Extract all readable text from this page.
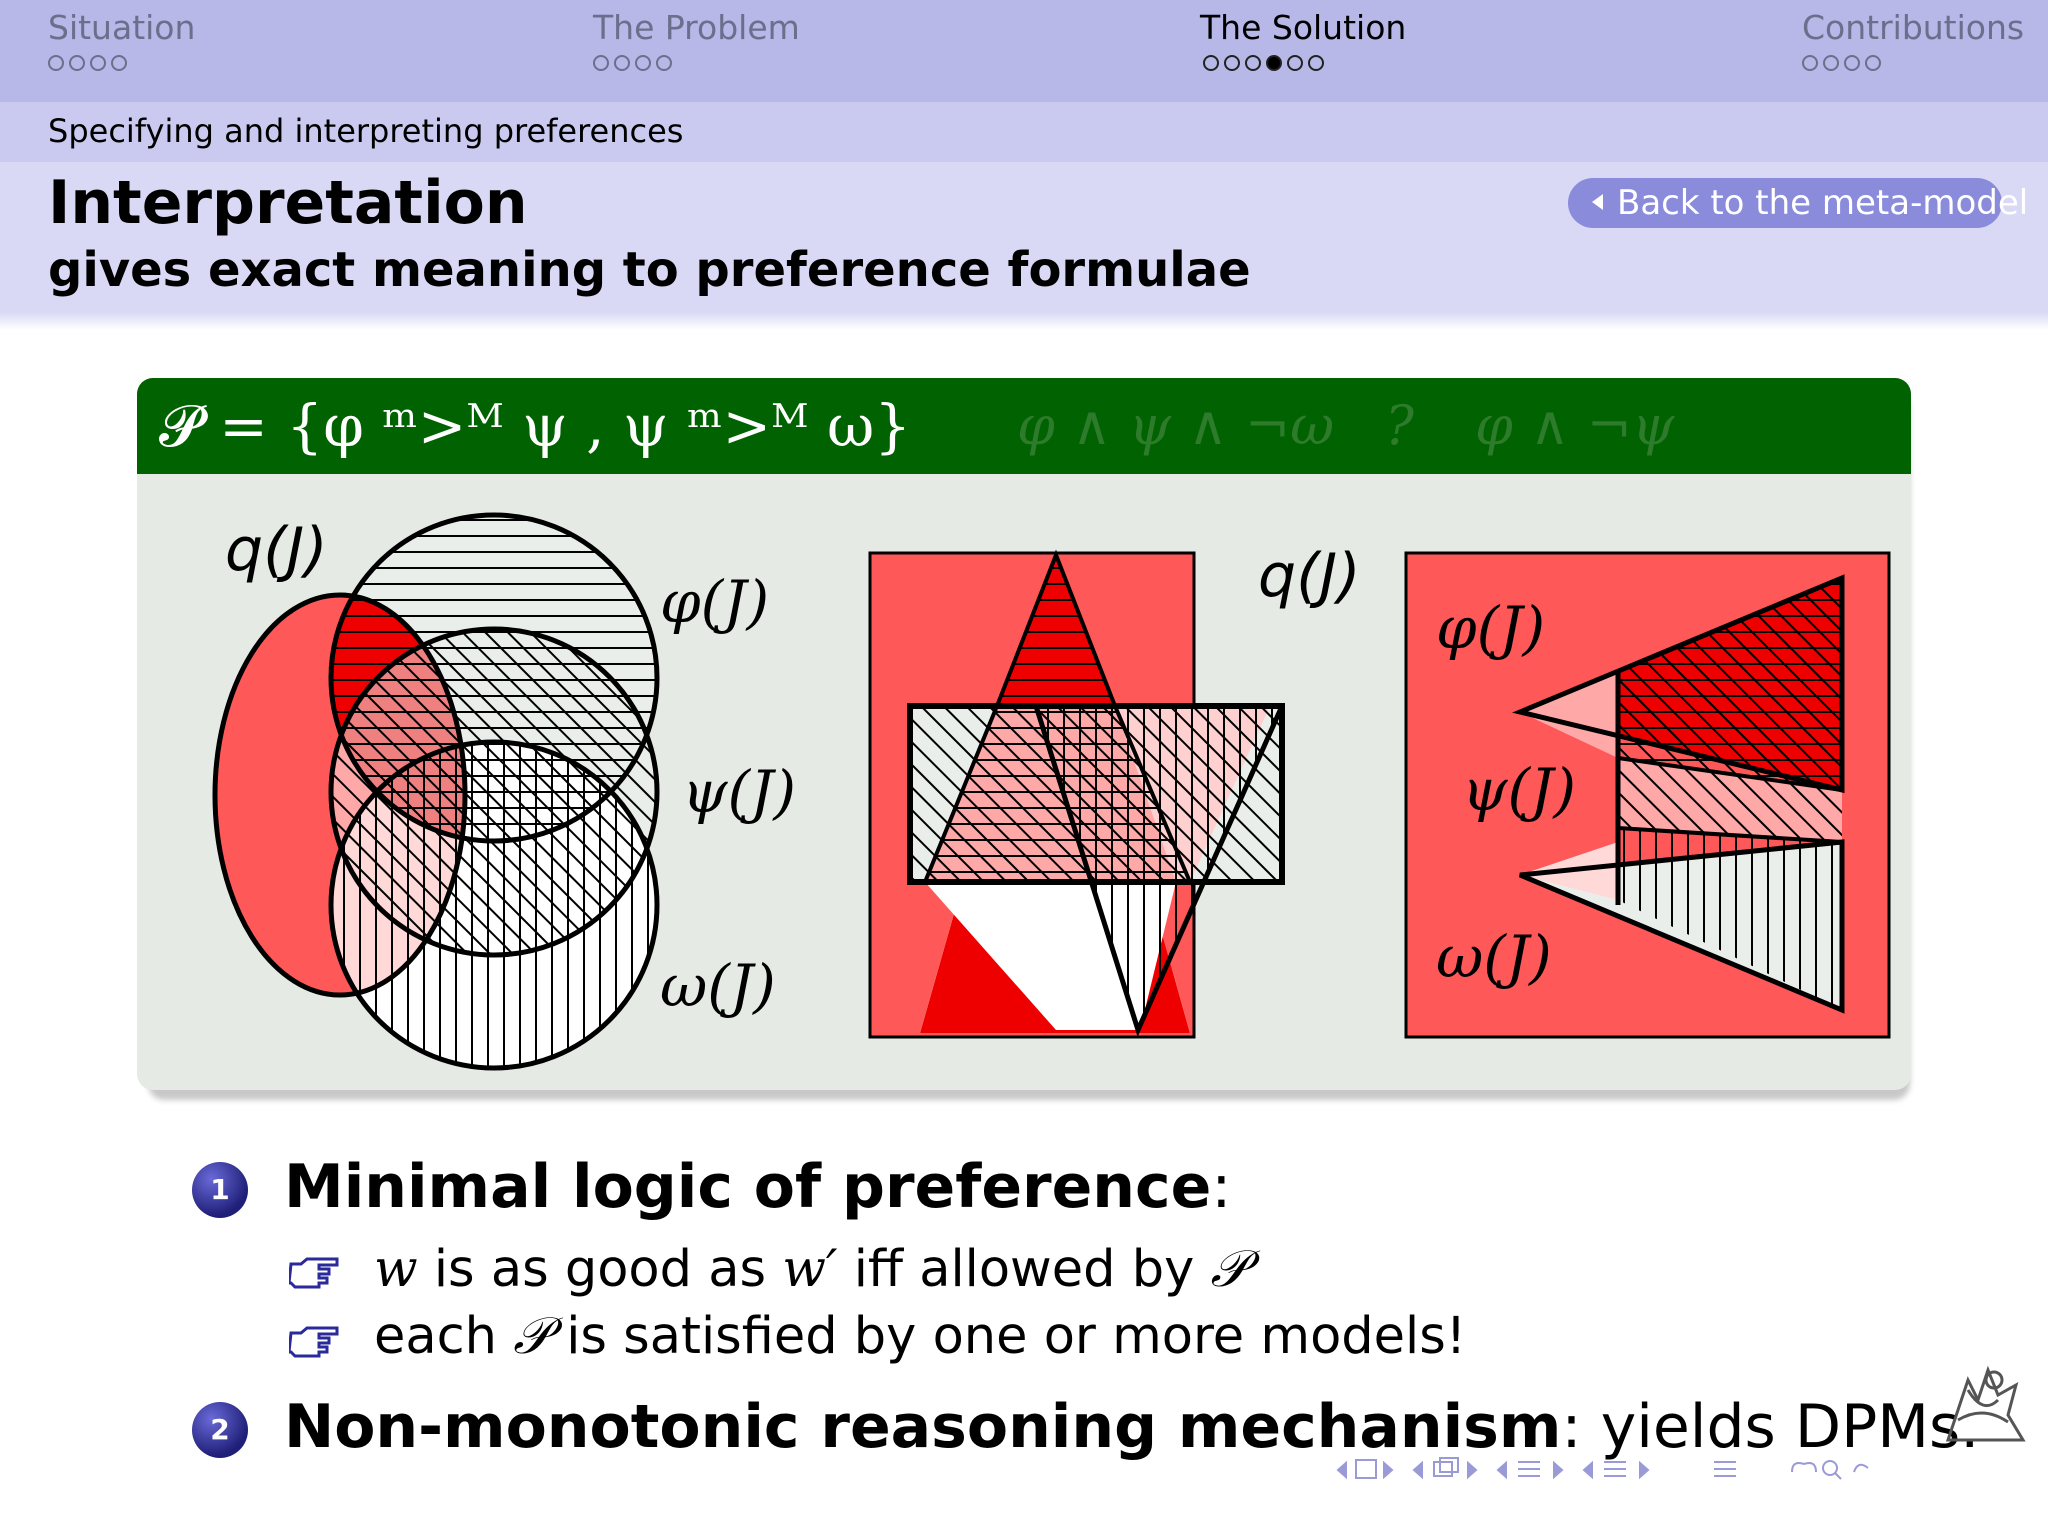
Situation	The Problem	The Solution	Contributions
Specifying and interpreting preferences
Interpretation
gives exact meaning to preference formulae
Back to the meta-model
𝓟 = {φ ᵐ>ᴹ ψ , ψ ᵐ>ᴹ ω} φ ∧ ψ ∧ ¬ω ? φ ∧ ¬ψ
q(J)
φ(J)
ψ(J)
ω(J)
q(J)
φ(J)
ψ(J)
ω(J)
1 Minimal logic of preference:
w is as good as w′ iff allowed by 𝒫
each 𝒫 is satisfied by one or more models!
2 Non-monotonic reasoning mechanism: yields DPMs.
